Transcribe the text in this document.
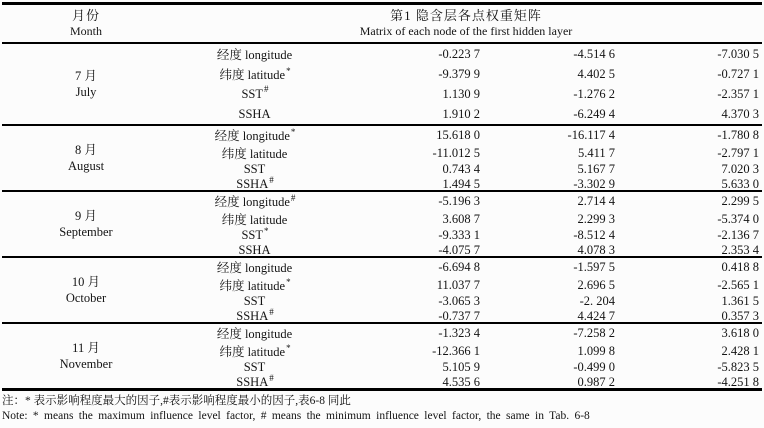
月份
Month
第1 隐含层各点权重矩阵
Matrix of each node of the first hidden layer
7 月
July
经度 longitude	-0.223 7	-4.514 6	-7.030 5
纬度 latitude*	-9.379 9	4.402 5	-0.727 1
SST#	1.130 9	-1.276 2	-2.357 1
SSHA	1.910 2	-6.249 4	4.370 3
8 月
August
经度 longitude*	15.618 0	-16.117 4	-1.780 8
纬度 latitude	-11.012 5	5.411 7	-2.797 1
SST	0.743 4	5.167 7	7.020 3
SSHA#	1.494 5	-3.302 9	5.633 0
9 月
September
经度 longitude#	-5.196 3	2.714 4	2.299 5
纬度 latitude	3.608 7	2.299 3	-5.374 0
SST*	-9.333 1	-8.512 4	-2.136 7
SSHA	-4.075 7	4.078 3	2.353 4
10 月
October
经度 longitude	-6.694 8	-1.597 5	0.418 8
纬度 latitude*	11.037 7	2.696 5	-2.565 1
SST	-3.065 3	-2. 204	1.361 5
SSHA#	-0.737 7	4.424 7	0.357 3
11 月
November
经度 longitude	-1.323 4	-7.258 2	3.618 0
纬度 latitude*	-12.366 1	1.099 8	2.428 1
SST	5.105 9	-0.499 0	-5.823 5
SSHA#	4.535 6	0.987 2	-4.251 8
注：* 表示影响程度最大的因子,#表示影响程度最小的因子,表6-8 同此
Note: * means the maximum influence level factor, # means the minimum influence level factor, the same in Tab. 6-8
